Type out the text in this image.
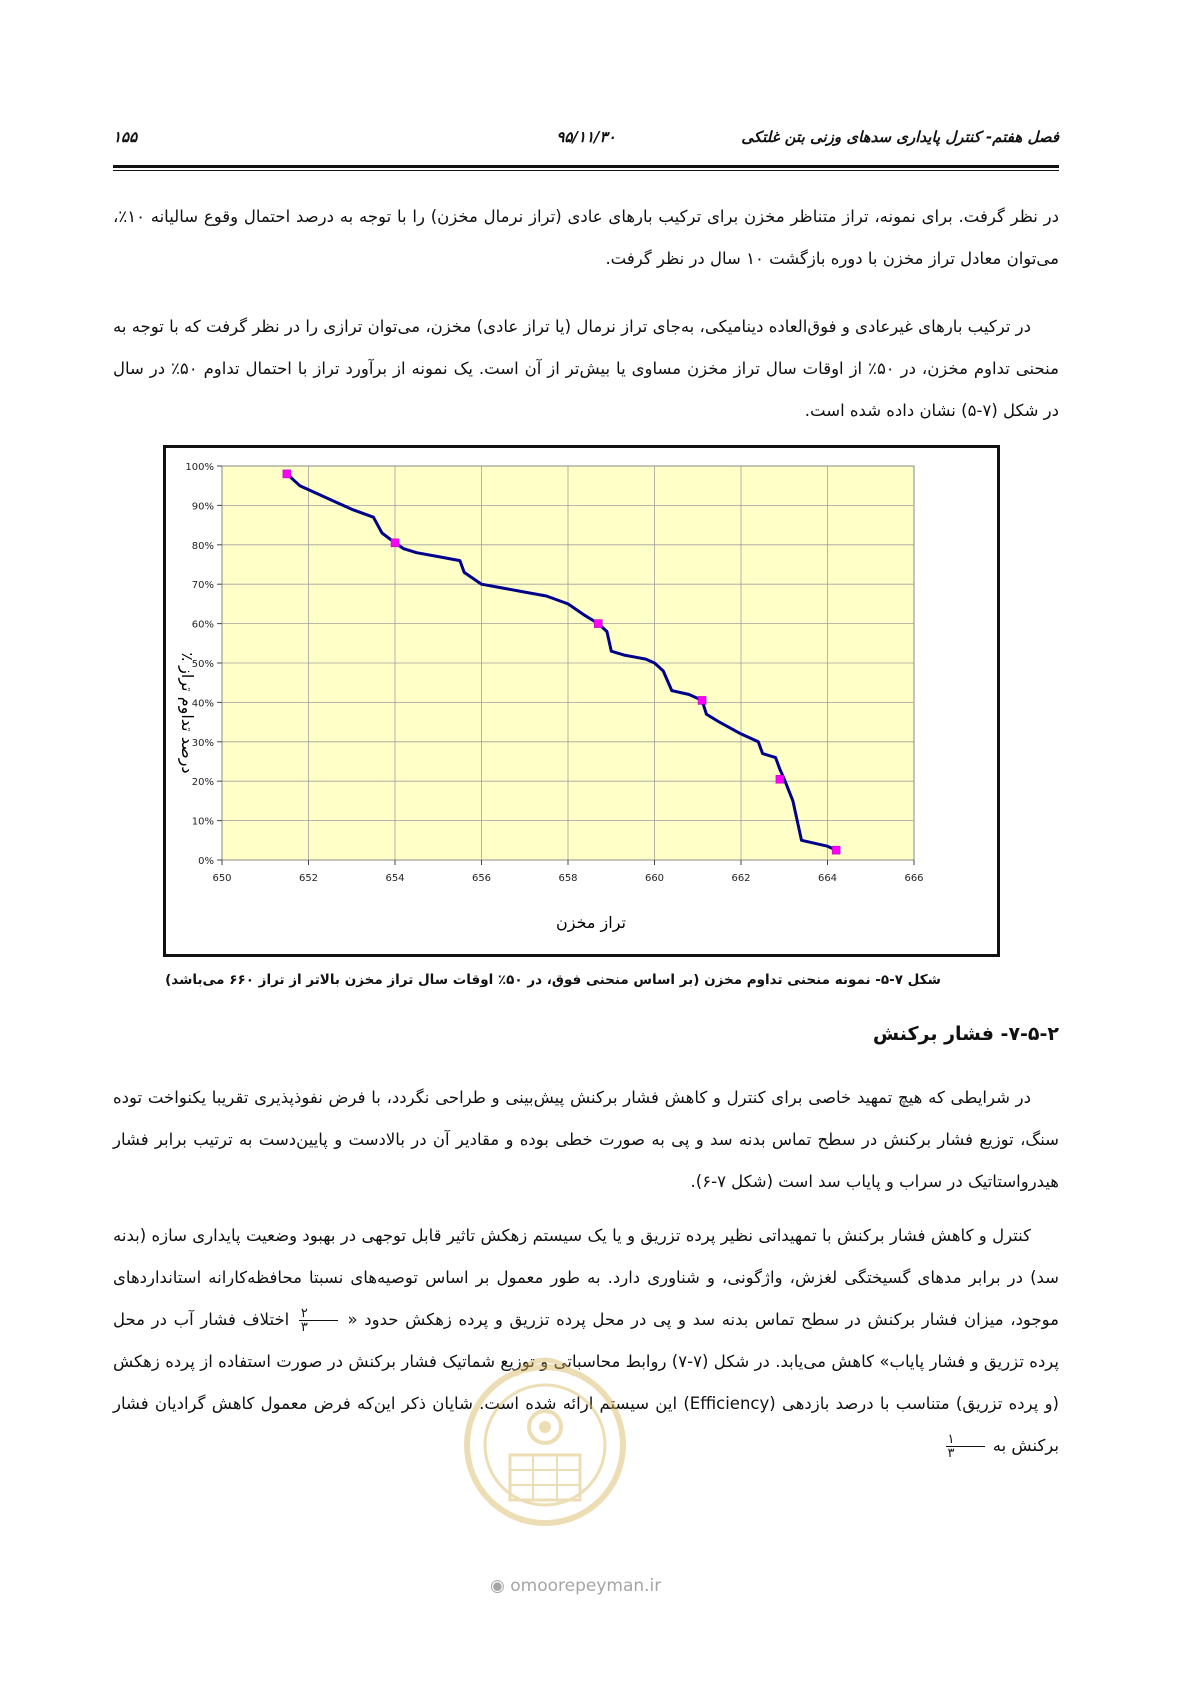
فصل هفتم- کنترل پایداری سدهای وزنی بتن غلتکی
۹۵/۱۱/۳۰
۱۵۵
در نظر گرفت. برای نمونه، تراز متناظر مخزن برای ترکیب بارهای عادی (تراز نرمال مخزن) را با توجه به درصد احتمال وقوع سالیانه ۱۰٪، می‌توان معادل تراز مخزن با دوره بازگشت ۱۰ سال در نظر گرفت.
در ترکیب بارهای غیرعادی و فوق‌العاده دینامیکی، به‌جای تراز نرمال (یا تراز عادی) مخزن، می‌توان ترازی را در نظر گرفت که با توجه به منحنی تداوم مخزن، در ۵۰٪ از اوقات سال تراز مخزن مساوی یا بیش‌تر از آن است. یک نمونه از برآورد تراز با احتمال تداوم ۵۰٪ در سال در شکل (۷-۵) نشان داده شده است.
650	652	654	656	658	660	662	664	666
0%
10%
20%
30%
40%
50%
60%
70%
80%
90%
100%
تراز مخزن
درصد تداوم تراز ٪
شکل ۷-۵- نمونه منحنی تداوم مخزن (بر اساس منحنی فوق، در ۵۰٪ اوقات سال تراز مخزن بالاتر از تراز ۶۶۰ می‌باشد)
۷-۵-۲- فشار برکنش
در شرایطی که هیچ تمهید خاصی برای کنترل و کاهش فشار برکنش پیش‌بینی و طراحی نگردد، با فرض نفوذپذیری تقریبا یکنواخت توده سنگ، توزیع فشار برکنش در سطح تماس بدنه سد و پی به صورت خطی بوده و مقادیر آن در بالادست و پایین‌دست به ترتیب برابر فشار هیدرواستاتیک در سراب و پایاب سد است (شکل ۷-۶).
کنترل و کاهش فشار برکنش با تمهیداتی نظیر پرده تزریق و یا یک سیستم زهکش تاثیر قابل توجهی در بهبود وضعیت پایداری سازه (بدنه سد) در برابر مدهای گسیختگی لغزش، واژگونی، و شناوری دارد. به طور معمول بر اساس توصیه‌های نسبتا محافظه‌کارانه استانداردهای موجود، میزان فشار برکنش در سطح تماس بدنه سد و پی در محل پرده تزریق و پرده زهکش حدود «
$\frac{۲}{۳}$
اختلاف فشار آب در محل پرده تزریق و فشار پایاب» کاهش می‌یابد. در شکل (۷-۷) روابط محاسباتی و توزیع شماتیک فشار برکنش در صورت استفاده از پرده زهکش (و پرده تزریق) متناسب با درصد بازدهی (Efficiency) این سیستم ارائه شده است. شایان ذکر این‌که فرض معمول کاهش گرادیان فشار برکنش به
$\frac{۱}{۳}$
◉ omoorepeyman.ir
